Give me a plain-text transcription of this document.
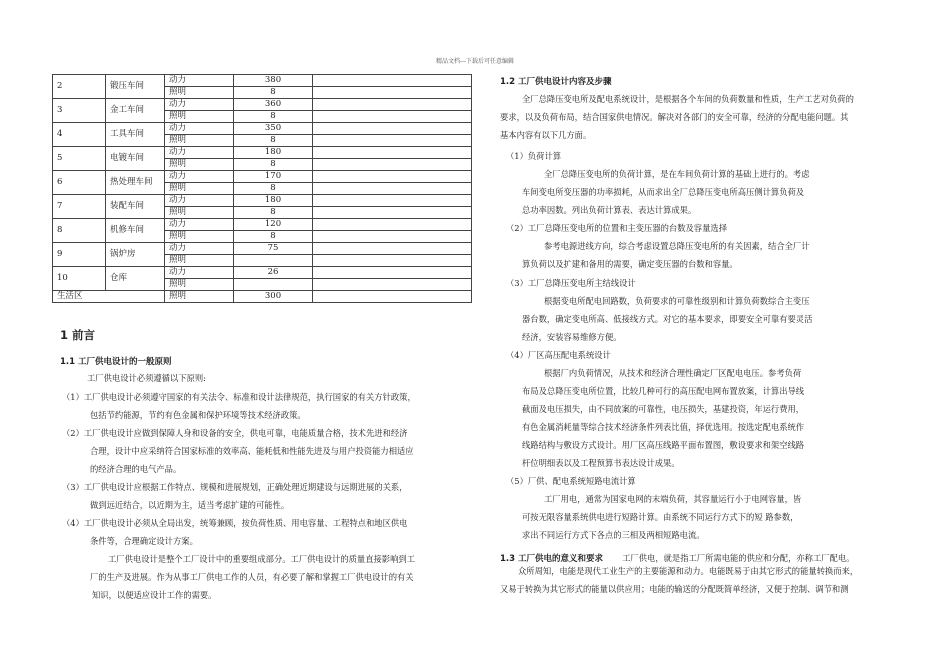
精品文档---下载后可任意编辑
2	锻压车间	动力	380	
		照明	8	
3	金工车间	动力	360	
		照明	8	
4	工具车间	动力	350	
		照明	8	
5	电镀车间	动力	180	
		照明	8	
6	热处理车间	动力	170	
		照明	8	
7	装配车间	动力	180	
		照明	8	
8	机修车间	动力	120	
		照明	8	
9	锅炉房	动力	75	
		照明		
10	仓库	动力	26	
		照明		
生活区		照明	300	
1 前言
1.1 工厂供电设计的一般原则
工厂供电设计必须遵循以下原则:
（1）工厂供电设计必须遵守国家的有关法令、标准和设计法律规范，执行国家的有关方针政策，
包括节约能源，节约有色金属和保护环境等技术经济政策。
（2）工厂供电设计应做到保障人身和设备的安全，供电可靠，电能质量合格，技术先进和经济
合理，设计中应采纳符合国家标准的效率高、能耗低和性能先进及与用户投资能力相适应
的经济合理的电气产品。
（3）工厂供电设计应根据工作特点、规模和进展规划，正确处理近期建设与远期进展的关系，
做到远近结合，以近期为主，适当考虑扩建的可能性。
（4）工厂供电设计必须从全局出发，统筹兼顾，按负荷性质、用电容量、工程特点和地区供电
条件等，合理确定设计方案。
工厂供电设计是整个工厂设计中的重要组成部分。工厂供电设计的质量直接影响到工
厂的生产及进展。作为从事工厂供电工作的人员，有必要了解和掌握工厂供电设计的有关
知识，以便适应设计工作的需要。
1.2 工厂供电设计内容及步骤
全厂总降压变电所及配电系统设计，是根据各个车间的负荷数量和性质，生产工艺对负荷的
要求，以及负荷布局，结合国家供电情况。解决对各部门的安全可靠，经济的分配电能问题。其
基本内容有以下几方面。
（1）负荷计算
全厂总降压变电所的负荷计算，是在车间负荷计算的基础上进行的。考虑
车间变电所变压器的功率损耗，从而求出全厂总降压变电所高压侧计算负荷及
总功率因数。列出负荷计算表、表达计算成果。
（2）工厂总降压变电所的位置和主变压器的台数及容量选择
参考电源进线方向，综合考虑设置总降压变电所的有关因素，结合全厂计
算负荷以及扩建和备用的需要，确定变压器的台数和容量。
（3）工厂总降压变电所主结线设计
根据变电所配电回路数，负荷要求的可靠性级别和计算负荷数综合主变压
器台数，确定变电所高、低接线方式。对它的基本要求，即要安全可靠有要灵活
经济，安装容易维修方便。
（4）厂区高压配电系统设计
根据厂内负荷情况，从技术和经济合理性确定厂区配电电压。参考负荷
布局及总降压变电所位置，比较几种可行的高压配电网布置放案，计算出导线
截面及电压损失，由不同放案的可靠性，电压损失，基建投资，年运行费用，
有色金属消耗量等综合技术经济条件列表比值，择优选用。按选定配电系统作
线路结构与敷设方式设计。用厂区高压线路平面布置图，敷设要求和架空线路
杆位明细表以及工程预算书表达设计成果。
（5）厂供、配电系统短路电流计算
工厂用电，通常为国家电网的末端负荷，其容量运行小于电网容量，皆
可按无限容量系统供电进行短路计算。由系统不同运行方式下的短 路参数，
求出不同运行方式下各点的三相及两相短路电流。
1.3 工厂供电的意义和要求 工厂供电，就是指工厂所需电能的供应和分配，亦称工厂配电。
众所周知，电能是现代工业生产的主要能源和动力。电能既易于由其它形式的能量转换而来，
又易于转换为其它形式的能量以供应用；电能的输送的分配既简单经济，又便于控制、调节和测
